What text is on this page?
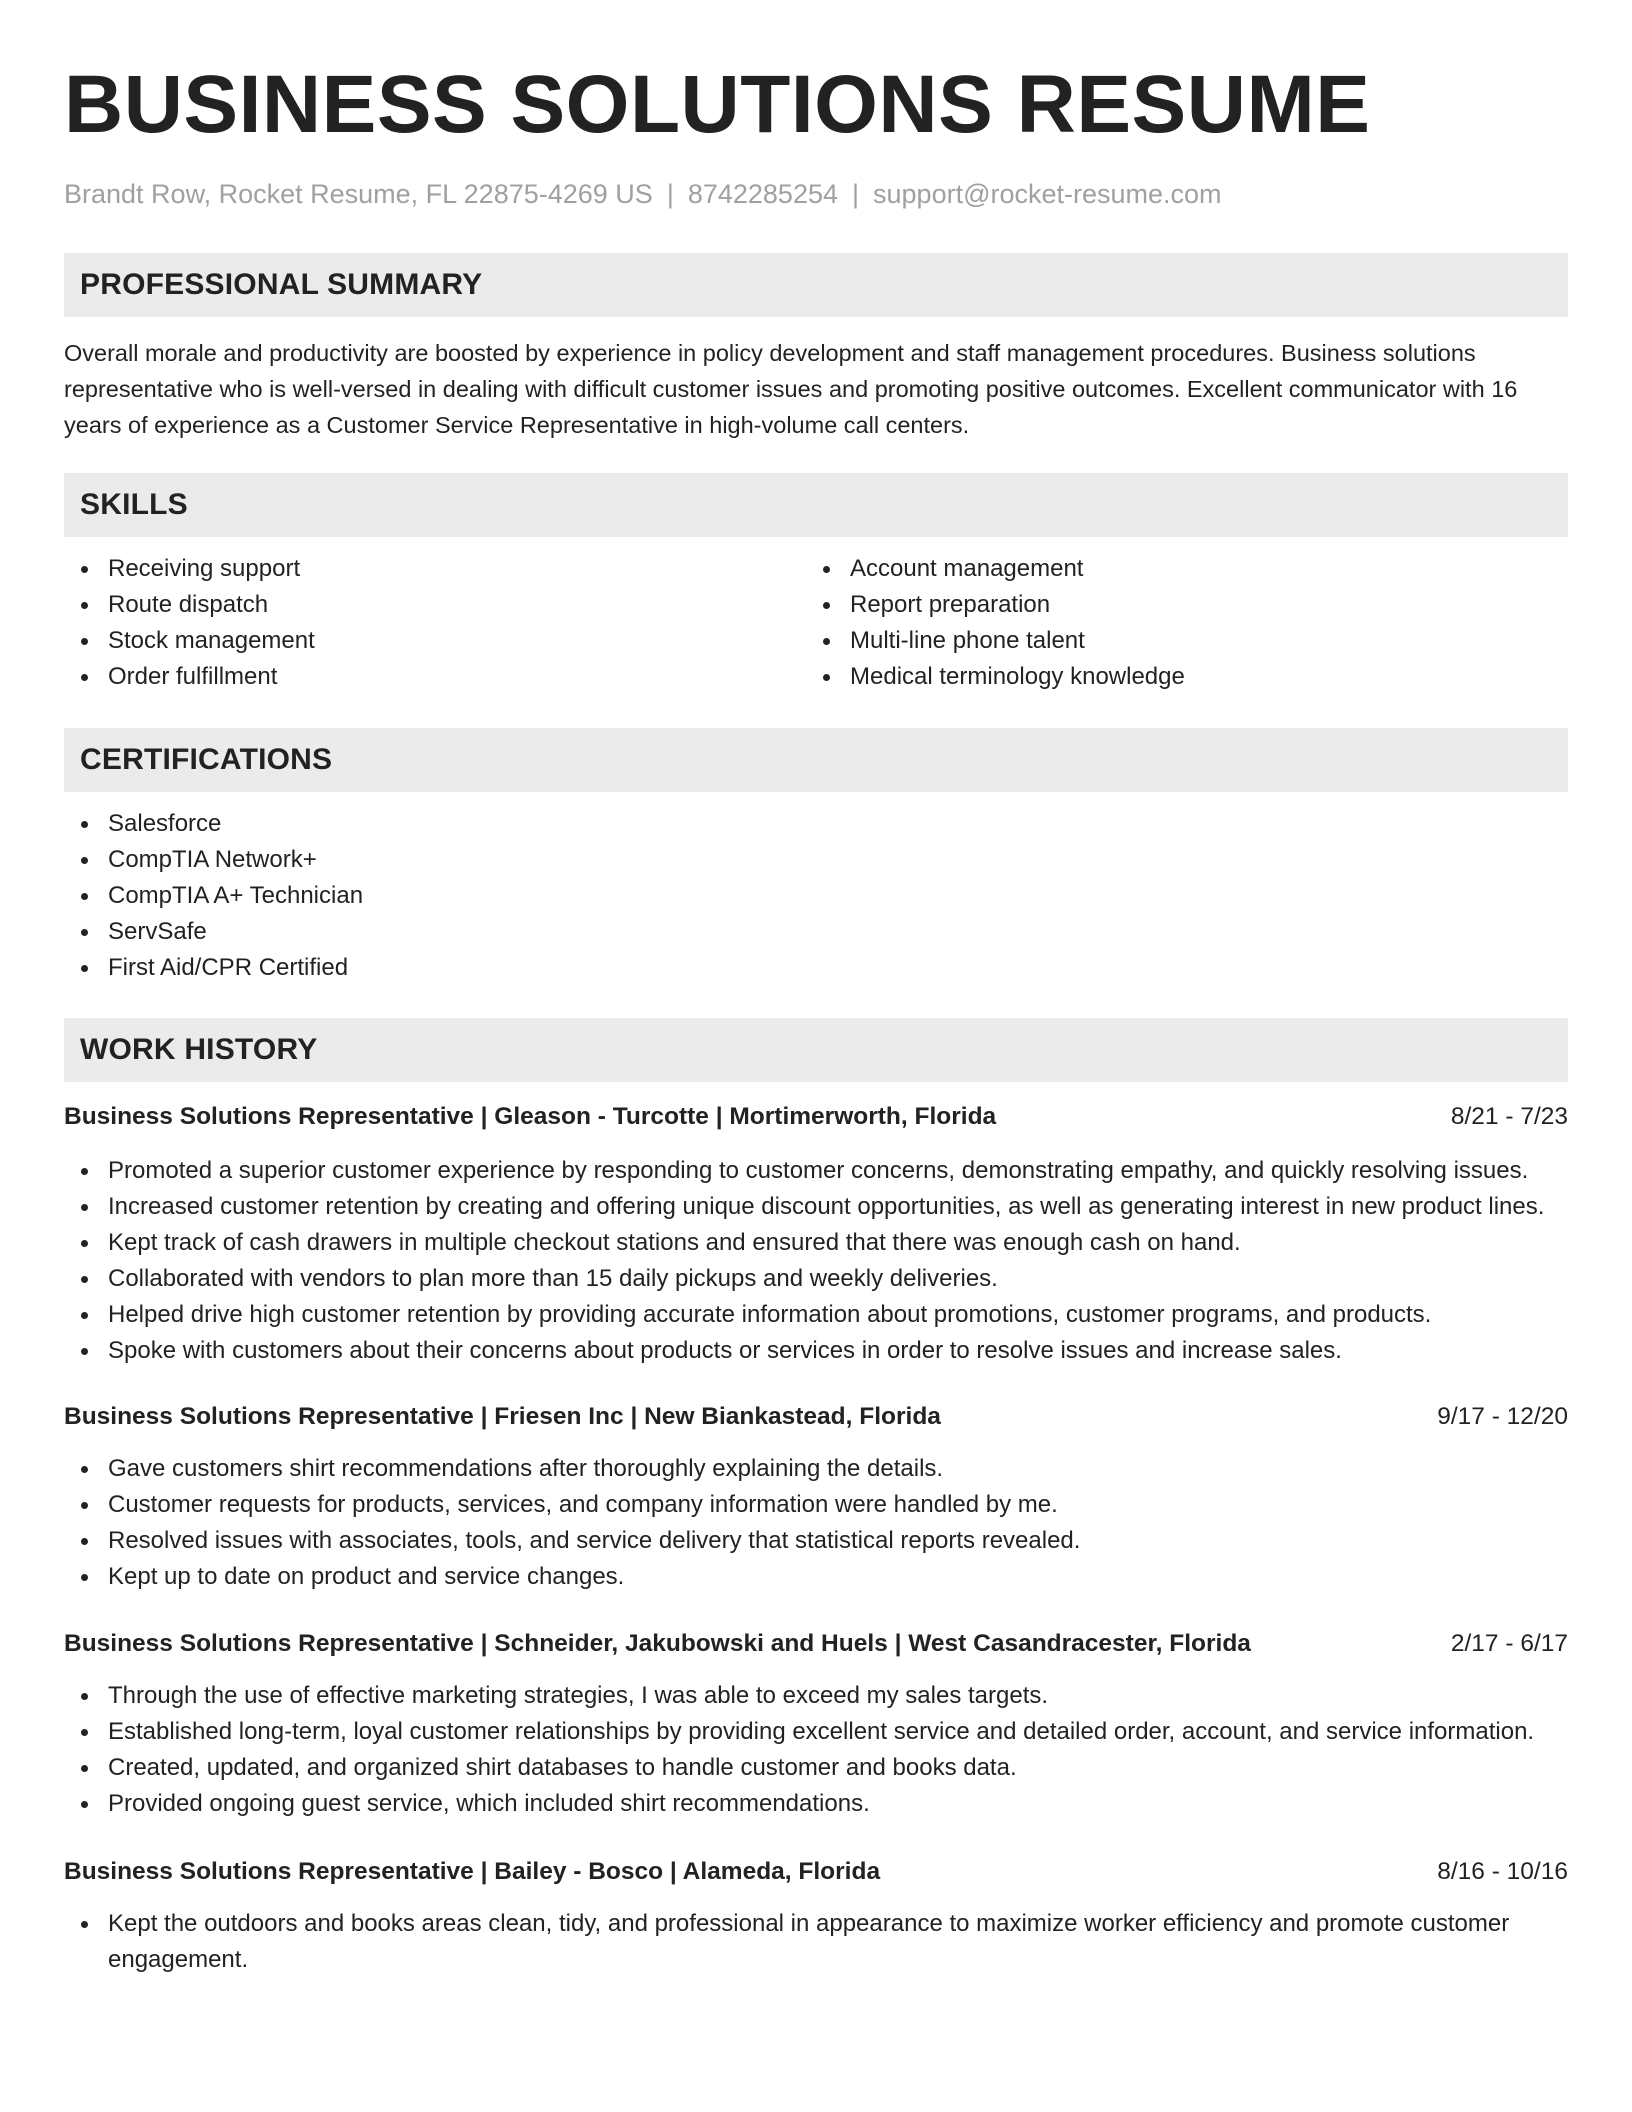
BUSINESS SOLUTIONS RESUME
Brandt Row, Rocket Resume, FL 22875-4269 US | 8742285254 | support@rocket-resume.com
PROFESSIONAL SUMMARY

Overall morale and productivity are boosted by experience in policy development and staff management procedures. Business solutions representative who is well-versed in dealing with difficult customer issues and promoting positive outcomes. Excellent communicator with 16 years of experience as a Customer Service Representative in high-volume call centers.

SKILLS
Receiving support
Route dispatch
Stock management
Order fulfillment
Account management
Report preparation
Multi-line phone talent
Medical terminology knowledge
CERTIFICATIONS
Salesforce
CompTIA Network+
CompTIA A+ Technician
ServSafe
First Aid/CPR Certified
WORK HISTORY
Business Solutions Representative | Gleason - Turcotte | Mortimerworth, Florida	8/21 - 7/23
Promoted a superior customer experience by responding to customer concerns, demonstrating empathy, and quickly resolving issues.
Increased customer retention by creating and offering unique discount opportunities, as well as generating interest in new product lines.
Kept track of cash drawers in multiple checkout stations and ensured that there was enough cash on hand.
Collaborated with vendors to plan more than 15 daily pickups and weekly deliveries.
Helped drive high customer retention by providing accurate information about promotions, customer programs, and products.
Spoke with customers about their concerns about products or services in order to resolve issues and increase sales.
Business Solutions Representative | Friesen Inc | New Biankastead, Florida	9/17 - 12/20
Gave customers shirt recommendations after thoroughly explaining the details.
Customer requests for products, services, and company information were handled by me.
Resolved issues with associates, tools, and service delivery that statistical reports revealed.
Kept up to date on product and service changes.
Business Solutions Representative | Schneider, Jakubowski and Huels | West Casandracester, Florida	2/17 - 6/17
Through the use of effective marketing strategies, I was able to exceed my sales targets.
Established long-term, loyal customer relationships by providing excellent service and detailed order, account, and service information.
Created, updated, and organized shirt databases to handle customer and books data.
Provided ongoing guest service, which included shirt recommendations.
Business Solutions Representative | Bailey - Bosco | Alameda, Florida	8/16 - 10/16
Kept the outdoors and books areas clean, tidy, and professional in appearance to maximize worker efficiency and promote customer engagement.
